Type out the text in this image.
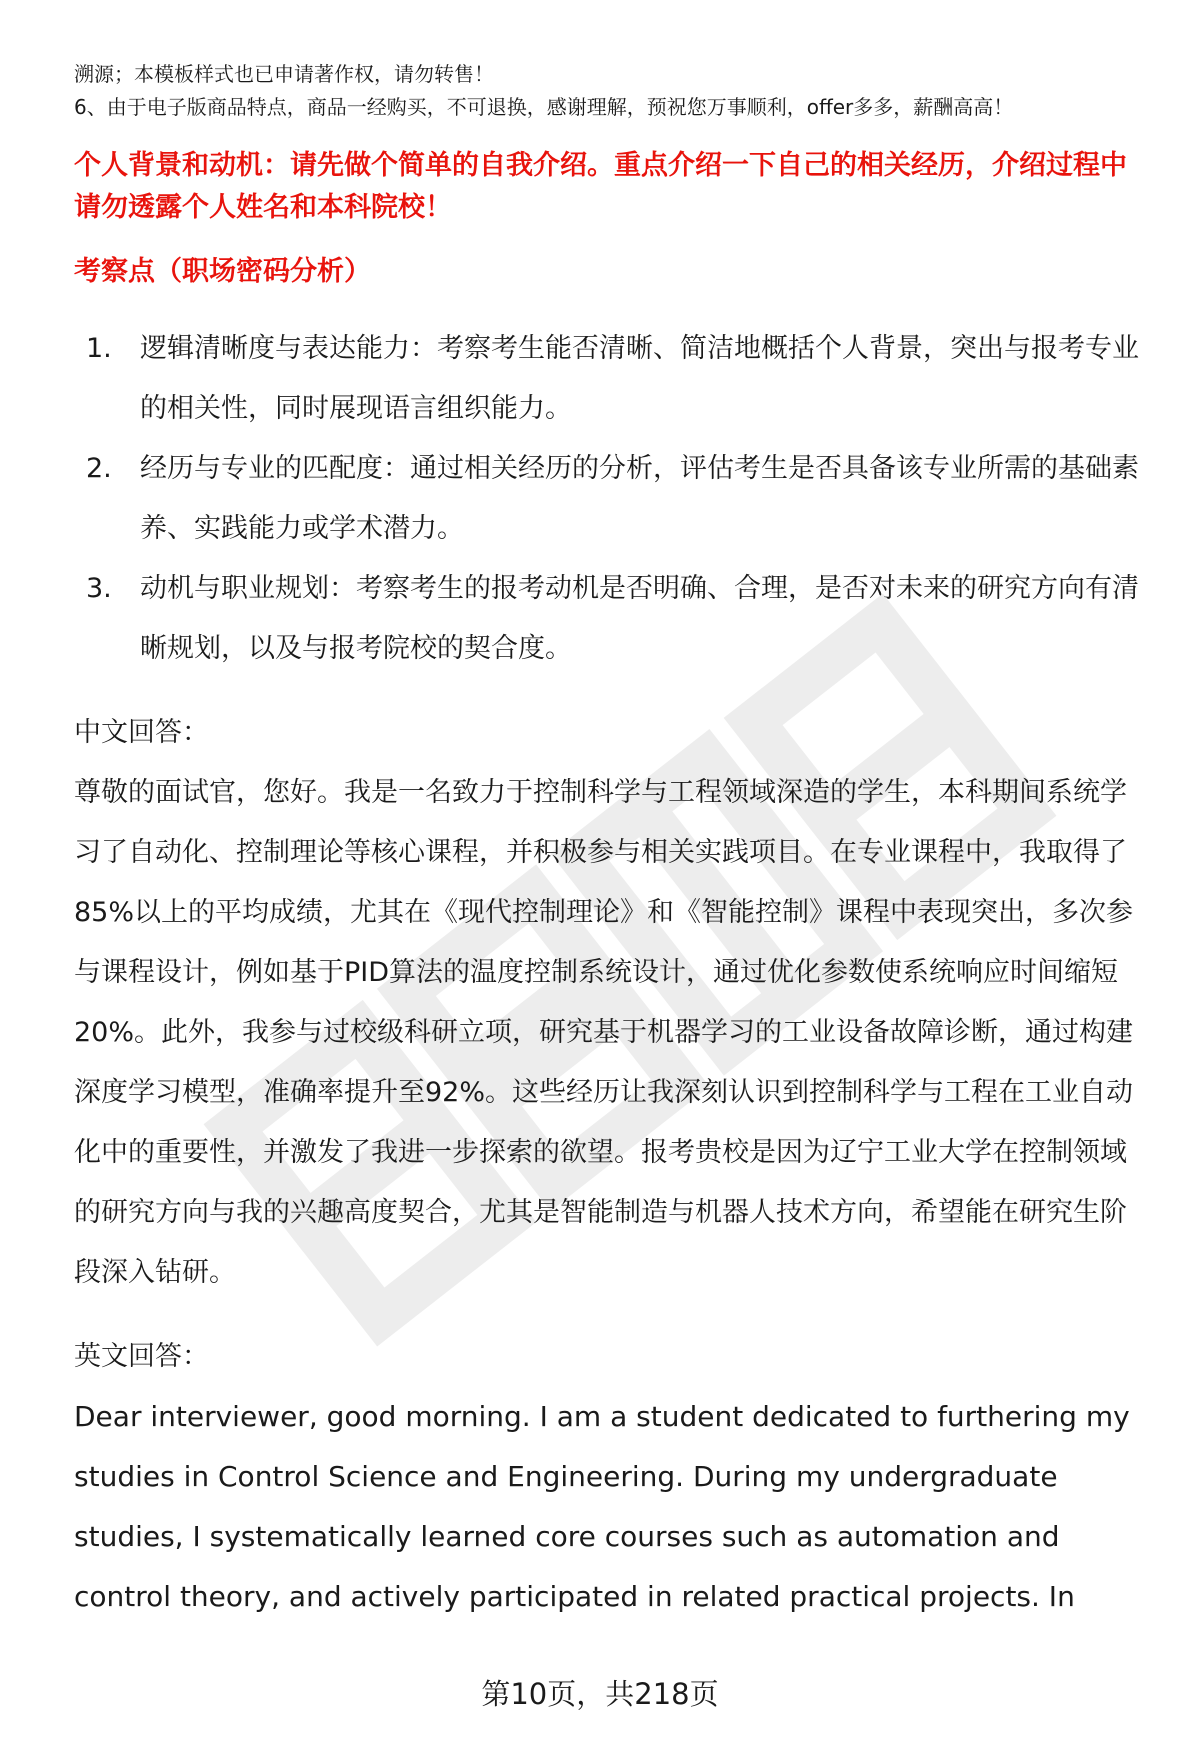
溯源；本模板样式也已申请著作权，请勿转售！

6、由于电子版商品特点，商品一经购买，不可退换，感谢理解，预祝您万事顺利，offer多多，薪酬高高！

个人背景和动机：请先做个简单的自我介绍。重点介绍一下自己的相关经历，介绍过程中请勿透露个人姓名和本科院校！

考察点（职场密码分析）

1.	逻辑清晰度与表达能力：考察考生能否清晰、简洁地概括个人背景，突出与报考专业的相关性，同时展现语言组织能力。
2.	经历与专业的匹配度：通过相关经历的分析，评估考生是否具备该专业所需的基础素养、实践能力或学术潜力。
3.	动机与职业规划：考察考生的报考动机是否明确、合理，是否对未来的研究方向有清晰规划，以及与报考院校的契合度。

中文回答：

尊敬的面试官，您好。我是一名致力于控制科学与工程领域深造的学生，本科期间系统学习了自动化、控制理论等核心课程，并积极参与相关实践项目。在专业课程中，我取得了85%以上的平均成绩，尤其在《现代控制理论》和《智能控制》课程中表现突出，多次参与课程设计，例如基于PID算法的温度控制系统设计，通过优化参数使系统响应时间缩短20%。此外，我参与过校级科研立项，研究基于机器学习的工业设备故障诊断，通过构建深度学习模型，准确率提升至92%。这些经历让我深刻认识到控制科学与工程在工业自动化中的重要性，并激发了我进一步探索的欲望。报考贵校是因为辽宁工业大学在控制领域的研究方向与我的兴趣高度契合，尤其是智能制造与机器人技术方向，希望能在研究生阶段深入钻研。

英文回答：

Dear interviewer, good morning. I am a student dedicated to furthering my studies in Control Science and Engineering. During my undergraduate studies, I systematically learned core courses such as automation and control theory, and actively participated in related practical projects. In

第10页，共218页
